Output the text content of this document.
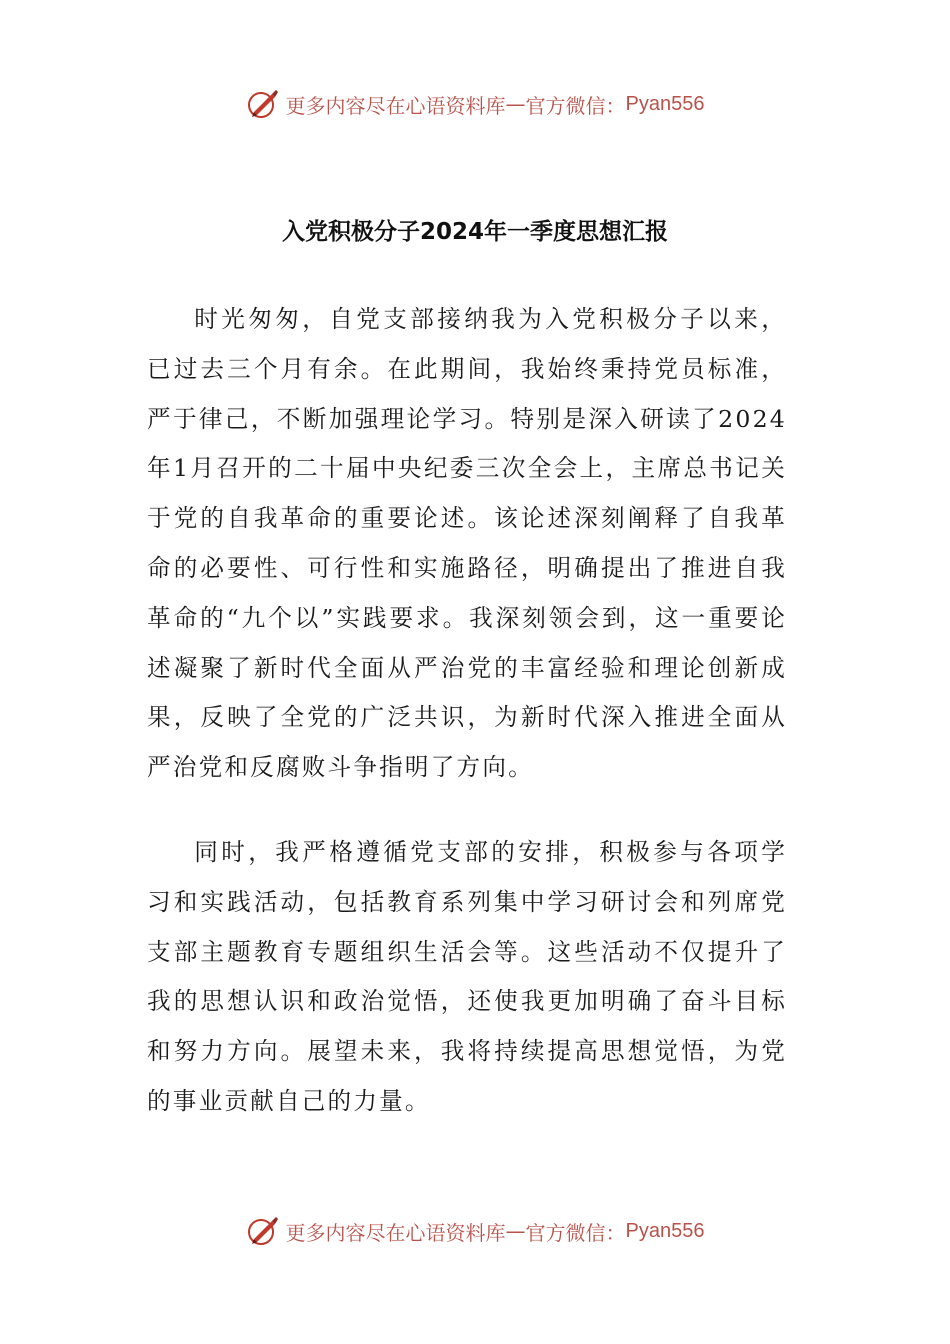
更多内容尽在心语资料库 — 官方微信： Pyan556
入党积极分子2024年一季度思想汇报

时光匆匆，自党支部接纳我为入党积极分子以来，已过去三个月有余。在此期间，我始终秉持党员标准，严于律己，不断加强理论学习。特别是深入研读了2024年1月召开的二十届中央纪委三次全会上，主席总书记关于党的自我革命的重要论述。该论述深刻阐释了自我革命的必要性、可行性和实施路径，明确提出了推进自我革命的“九个以”实践要求。我深刻领会到，这一重要论述凝聚了新时代全面从严治党的丰富经验和理论创新成果，反映了全党的广泛共识，为新时代深入推进全面从严治党和反腐败斗争指明了方向。

同时，我严格遵循党支部的安排，积极参与各项学习和实践活动，包括教育系列集中学习研讨会和列席党支部主题教育专题组织生活会等。这些活动不仅提升了我的思想认识和政治觉悟，还使我更加明确了奋斗目标和努力方向。展望未来，我将持续提高思想觉悟，为党的事业贡献自己的力量。

更多内容尽在心语资料库 — 官方微信： Pyan556
